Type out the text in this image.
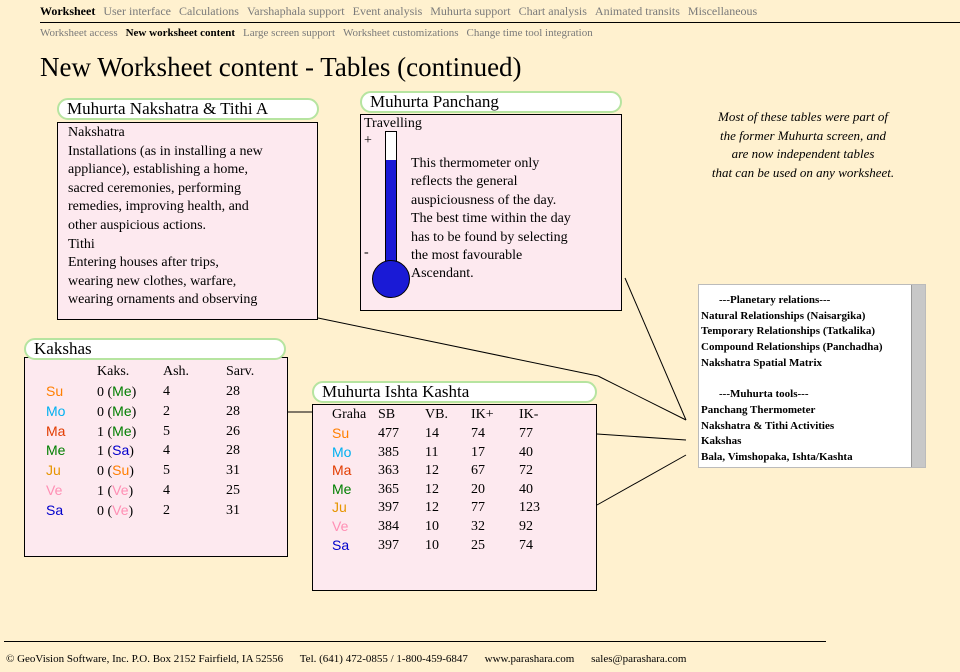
Worksheet User interface Calculations Varshaphala support Event analysis Muhurta support Chart analysis Animated transits Miscellaneous
Worksheet access New worksheet content Large screen support Worksheet customizations Change time tool integration
New Worksheet content - Tables (continued)
Nakshatra
Installations (as in installing a new
appliance), establishing a home,
sacred ceremonies, performing
remedies, improving health, and
other auspicious actions.
Tithi
Entering houses after trips,
wearing new clothes, warfare,
wearing ornaments and observing
Muhurta Nakshatra & Tithi A
Travelling
+
-
This thermometer only
reflects the general
auspiciousness of the day.
The best time within the day
has to be found by selecting
the most favourable
Ascendant.
Muhurta Panchang
Most of these tables were part of
the former Muhurta screen, and
are now independent tables
that can be used on any worksheet.
---Planetary relations---
Natural Relationships (Naisargika)
Temporary Relationships (Tatkalika)
Compound Relationships (Panchadha)
Nakshatra Spatial Matrix
---Muhurta tools---
Panchang Thermometer
Nakshatra & Tithi Activities
Kakshas
Bala, Vimshopaka, Ishta/Kashta
Kaks. Ash.	Sarv.
Su 0 (Me) 4	28
Mo 0 (Me) 2	28
Ma 1 (Me) 5	26
Me 1 (Sa) 4	28
Ju	0 (Su) 5	31
Ve 1 (Ve) 4	25
Sa 0 (Ve) 2	31
Kakshas
Graha SB VB. IK+ IK-
Su 477 14 74 77
Mo 385 11 17 40
Ma 363 12 67 72
Me 365 12 20 40
Ju 397 12 77 123
Ve 384 10 32 92
Sa 397 10 25 74
Muhurta Ishta Kashta
© GeoVision Software, Inc. P.O. Box 2152 Fairfield, IA 52556 Tel. (641) 472-0855 / 1-800-459-6847 www.parashara.com sales@parashara.com
